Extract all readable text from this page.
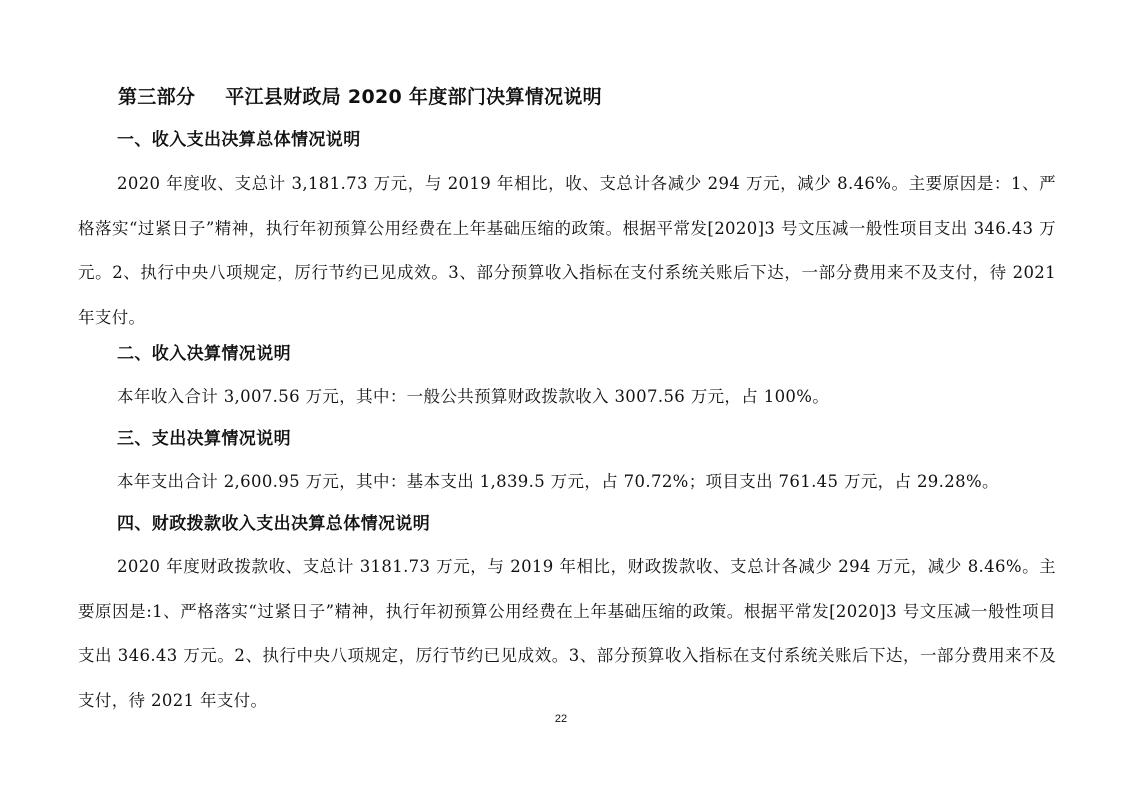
第三部分 平江县财政局 2020 年度部门决算情况说明
一、收入支出决算总体情况说明
2020 年度收、支总计 3,181.73 万元，与 2019 年相比，收、支总计各减少 294 万元，减少 8.46%。主要原因是：1、严格落实“过紧日子”精神，执行年初预算公用经费在上年基础压缩的政策。根据平常发[2020]3 号文压减一般性项目支出 346.43 万元。2、执行中央八项规定，厉行节约已见成效。3、部分预算收入指标在支付系统关账后下达，一部分费用来不及支付，待 2021 年支付。
二、收入决算情况说明
本年收入合计 3,007.56 万元，其中：一般公共预算财政拨款收入 3007.56 万元，占 100%。
三、支出决算情况说明
本年支出合计 2,600.95 万元，其中：基本支出 1,839.5 万元，占 70.72%；项目支出 761.45 万元，占 29.28%。
四、财政拨款收入支出决算总体情况说明
2020 年度财政拨款收、支总计 3181.73 万元，与 2019 年相比，财政拨款收、支总计各减少 294 万元，减少 8.46%。主要原因是:1、严格落实“过紧日子”精神，执行年初预算公用经费在上年基础压缩的政策。根据平常发[2020]3 号文压减一般性项目支出 346.43 万元。2、执行中央八项规定，厉行节约已见成效。3、部分预算收入指标在支付系统关账后下达，一部分费用来不及支付，待 2021 年支付。
22
